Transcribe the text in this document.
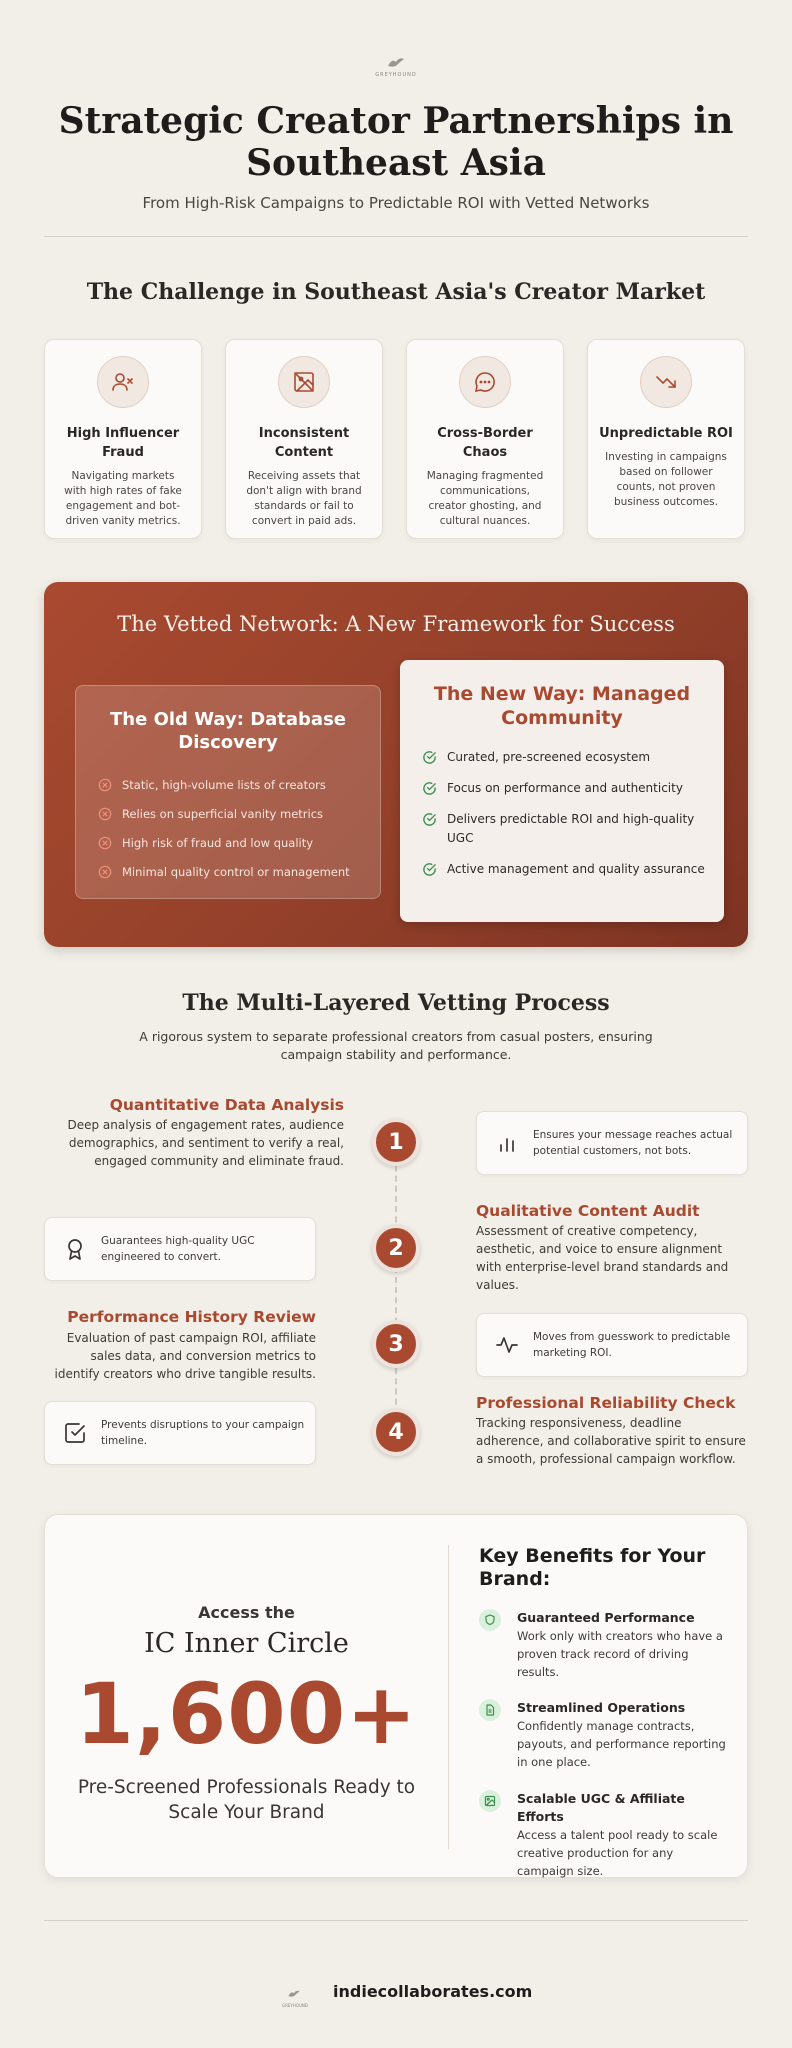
GREYHOUND
Strategic Creator Partnerships in Southeast Asia
From High-Risk Campaigns to Predictable ROI with Vetted Networks
The Challenge in Southeast Asia's Creator Market
High Influencer Fraud
Navigating markets with high rates of fake engagement and bot-driven vanity metrics.
Inconsistent Content
Receiving assets that don't align with brand standards or fail to convert in paid ads.
Cross-Border Chaos
Managing fragmented communications, creator ghosting, and cultural nuances.
Unpredictable ROI
Investing in campaigns based on follower counts, not proven business outcomes.
The Vetted Network: A New Framework for Success
The Old Way: Database Discovery
Static, high-volume lists of creators
Relies on superficial vanity metrics
High risk of fraud and low quality
Minimal quality control or management
The New Way: Managed Community
Curated, pre-screened ecosystem
Focus on performance and authenticity
Delivers predictable ROI and high-quality UGC
Active management and quality assurance
The Multi-Layered Vetting Process
A rigorous system to separate professional creators from casual posters, ensuring campaign stability and performance.
Quantitative Data Analysis
Deep analysis of engagement rates, audience demographics, and sentiment to verify a real, engaged community and eliminate fraud.
1	Ensures your message reaches actual potential customers, not bots.
Qualitative Content Audit
Assessment of creative competency, aesthetic, and voice to ensure alignment with enterprise-level brand standards and values.
2
Guarantees high-quality UGC engineered to convert.
Performance History Review
Evaluation of past campaign ROI, affiliate sales data, and conversion metrics to identify creators who drive tangible results.
3	Moves from guesswork to predictable marketing ROI.
Professional Reliability Check
Tracking responsiveness, deadline adherence, and collaborative spirit to ensure a smooth, professional campaign workflow.
4
Prevents disruptions to your campaign timeline.
Access the
IC Inner Circle
1,600+
Pre-Screened Professionals Ready to Scale Your Brand
Key Benefits for Your Brand:
Guaranteed Performance
Work only with creators who have a proven track record of driving results.
Streamlined Operations
Confidently manage contracts, payouts, and performance reporting in one place.
Scalable UGC & Affiliate Efforts
Access a talent pool ready to scale creative production for any campaign size.
GREYHOUND
indiecollaborates.com
